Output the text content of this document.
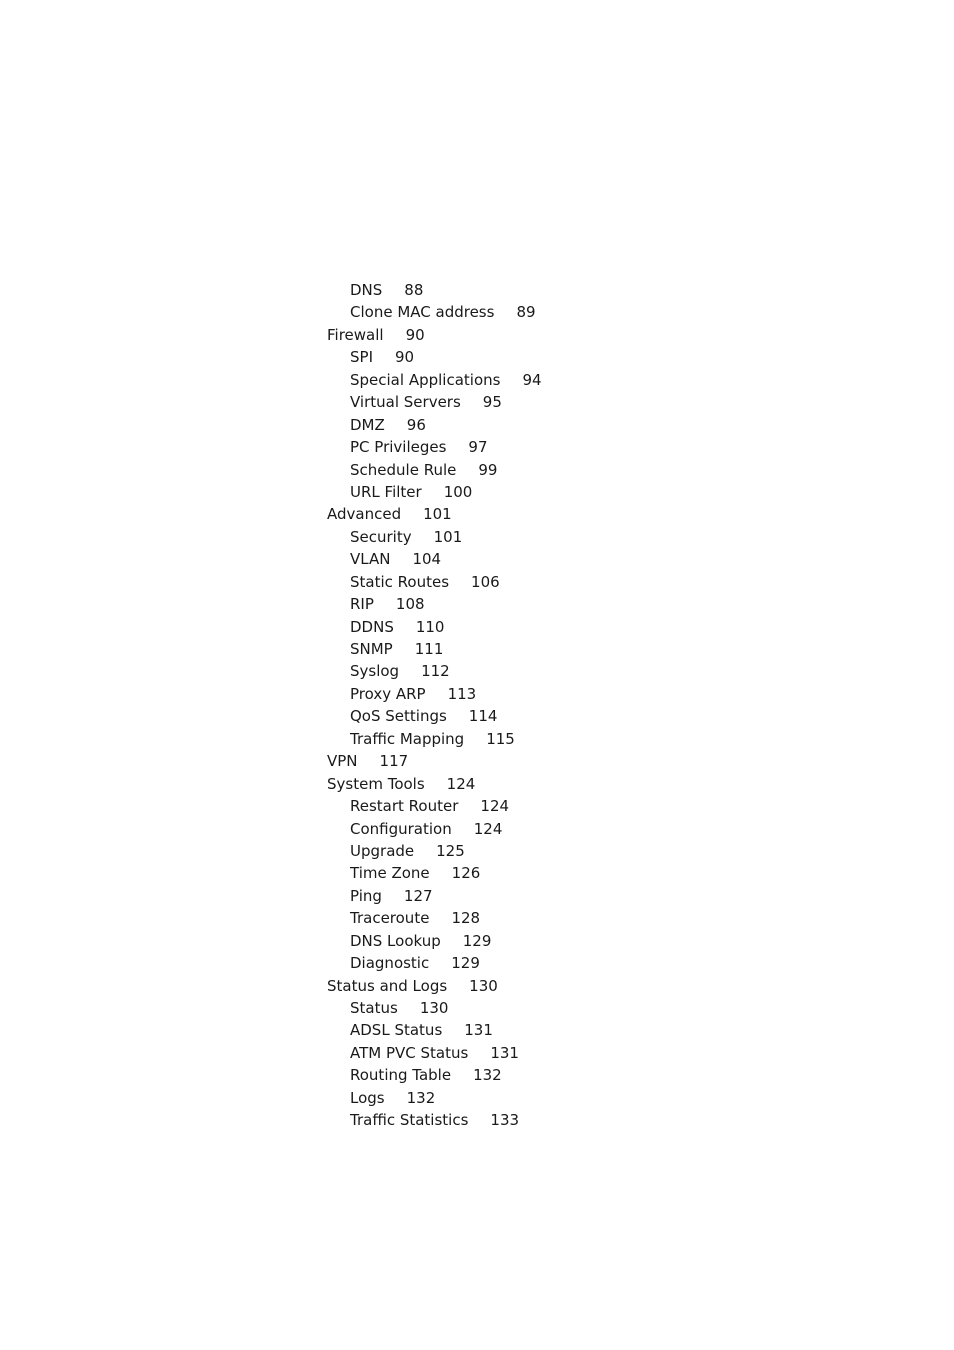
DNS 88
Clone MAC address 89
Firewall 90
SPI 90
Special Applications 94
Virtual Servers 95
DMZ 96
PC Privileges 97
Schedule Rule 99
URL Filter 100
Advanced 101
Security 101
VLAN 104
Static Routes 106
RIP 108
DDNS 110
SNMP 111
Syslog 112
Proxy ARP 113
QoS Settings 114
Traffic Mapping 115
VPN 117
System Tools 124
Restart Router 124
Configuration 124
Upgrade 125
Time Zone 126
Ping 127
Traceroute 128
DNS Lookup 129
Diagnostic 129
Status and Logs 130
Status 130
ADSL Status 131
ATM PVC Status 131
Routing Table 132
Logs 132
Traffic Statistics 133
